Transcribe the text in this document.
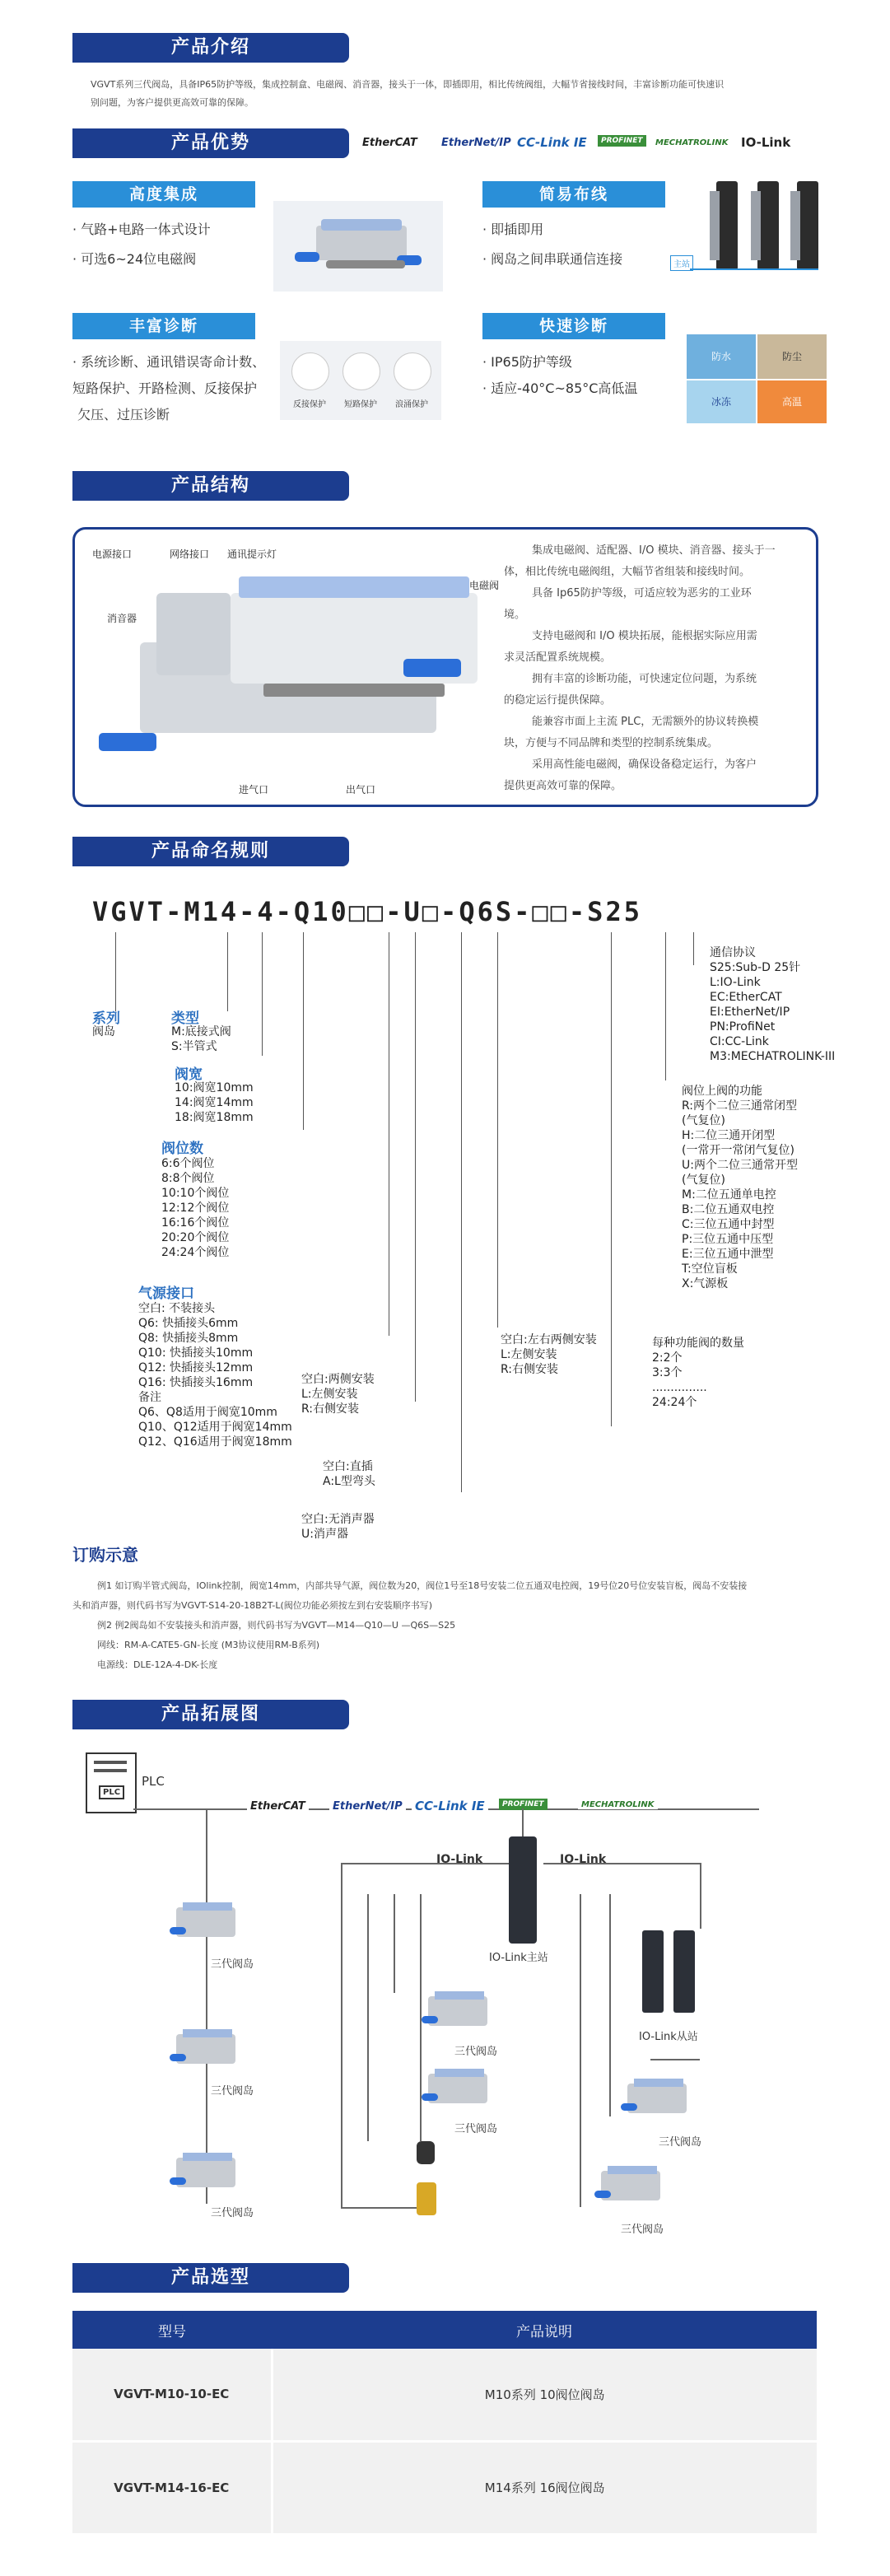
产品介绍
VGVT系列三代阀岛，具备IP65防护等级，集成控制盒、电磁阀、消音器，接头于一体，即插即用，相比传统阀组，大幅节省接线时间，丰富诊断功能可快速识
别问题，为客户提供更高效可靠的保障。
产品优势	EtherCAT EtherNet/IP CC-Link IE	PROFINET	MECHATROLINK IO-Link
高度集成
· 气路+电路一体式设计
· 可选6~24位电磁阀
简易布线
· 即插即用
· 阀岛之间串联通信连接	主站
丰富诊断
· 系统诊断、通讯错误寄命计数、
短路保护、开路检测、反接保护
欠压、过压诊断
反接保护	短路保护	浪涌保护
快速诊断
· IP65防护等级
· 适应-40°C~85°C高低温
防水	防尘
冰冻	高温
产品结构
电源接口	网络接口 通讯提示灯
电磁阀
消音器
进气口	出气口
集成电磁阀、适配器、I/O 模块、消音器、接头于一
体，相比传统电磁阀组，大幅节省组装和接线时间。
具备 Ip65防护等级，可适应较为恶劣的工业环
境。
支持电磁阀和 I/O 模块拓展，能根据实际应用需
求灵活配置系统规模。
拥有丰富的诊断功能，可快速定位问题，为系统
的稳定运行提供保障。
能兼容市面上主流 PLC，无需额外的协议转换模
块，方便与不同品牌和类型的控制系统集成。
采用高性能电磁阀，确保设备稳定运行，为客户
提供更高效可靠的保障。
产品命名规则
VGVT-M14-4-Q10□□-U□-Q6S-□□-S25
系列
阀岛
类型
M:底接式阀
S:半管式
阀宽
10:阀宽10mm
14:阀宽14mm
18:阀宽18mm
阀位数
6:6个阀位
8:8个阀位
10:10个阀位
12:12个阀位
16:16个阀位
20:20个阀位
24:24个阀位
气源接口
空白: 不装接头
Q6: 快插接头6mm
Q8: 快插接头8mm
Q10: 快插接头10mm
Q12: 快插接头12mm
Q16: 快插接头16mm
备注
Q6、Q8适用于阀宽10mm
Q10、Q12适用于阀宽14mm
Q12、Q16适用于阀宽18mm
空白:两侧安装
L:左侧安装
R:右侧安装
空白:直插
A:L型弯头
空白:无消声器
U:消声器
空白:左右两侧安装
L:左侧安装
R:右侧安装
每种功能阀的数量
2:2个
3:3个
...............
24:24个
阀位上阀的功能
R:两个二位三通常闭型
(气复位)
H:二位三通开闭型
(一常开一常闭气复位)
U:两个二位三通常开型
(气复位)
M:二位五通单电控
B:二位五通双电控
C:三位五通中封型
P:三位五通中压型
E:三位五通中泄型
T:空位盲板
X:气源板
通信协议
S25:Sub-D 25针
L:IO-Link
EC:EtherCAT
EI:EtherNet/IP
PN:ProfiNet
CI:CC-Link
M3:MECHATROLINK-III
订购示意
例1 如订购半管式阀岛，IOlink控制，阀宽14mm，内部共导气源，阀位数为20，阀位1号至18号安装二位五通双电控阀，19号位20号位安装盲板，阀岛不安装接
头和消声器，则代码书写为VGVT-S14-20-18B2T-L(阀位功能必须按左到右安装顺序书写)
例2 例2阀岛如不安装接头和消声器，则代码书写为VGVT—M14—Q10—U —Q6S—S25
网线：RM-A-CATE5-GN-长度 (M3协议使用RM-B系列)
电源线：DLE-12A-4-DK-长度
产品拓展图
PLC
PLC
EtherCAT	EtherNet/IP CC-Link IE	PROFINET	MECHATROLINK
IO-Link	IO-Link
IO-Link主站
IO-Link从站
三代阀岛
三代阀岛
三代阀岛
三代阀岛
三代阀岛
三代阀岛
三代阀岛
产品选型
型号	产品说明
VGVT-M10-10-EC	M10系列 10阀位阀岛
VGVT-M14-16-EC	M14系列 16阀位阀岛
